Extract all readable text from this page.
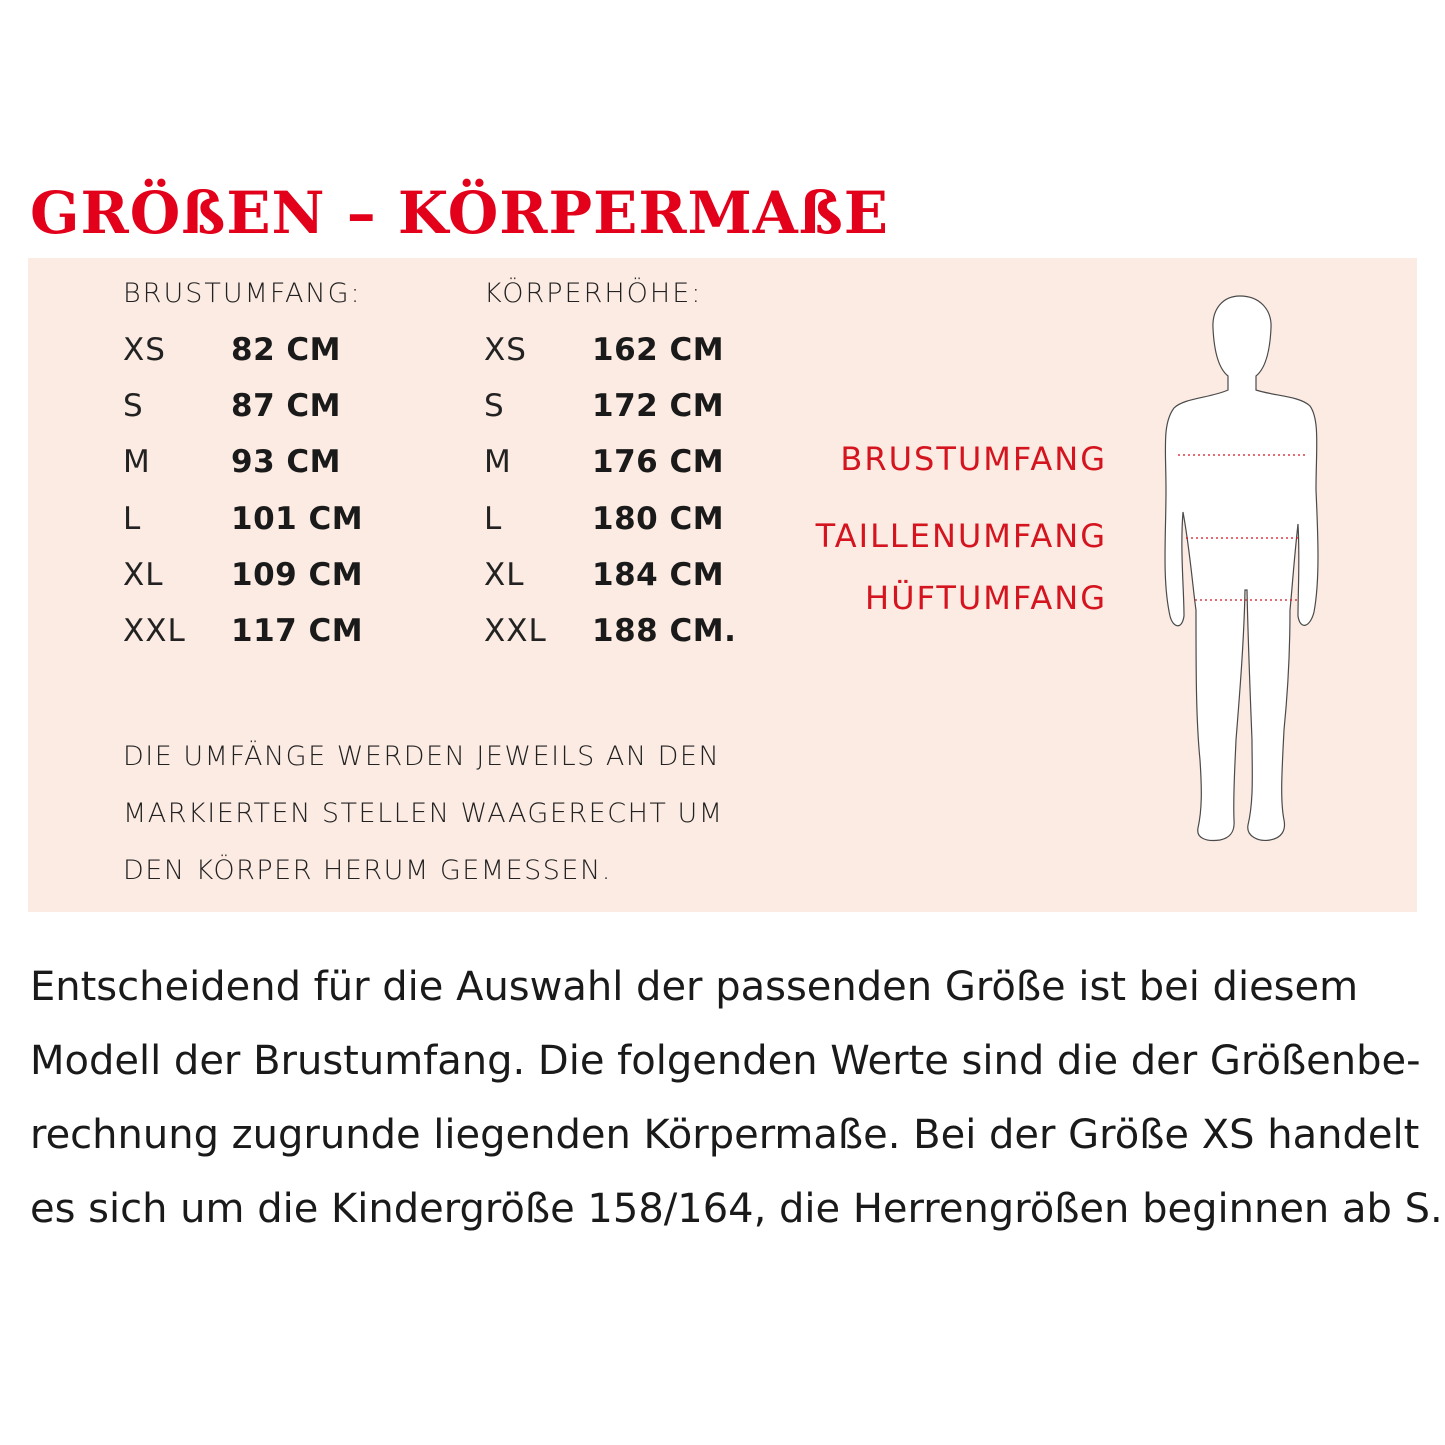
GRÖßEN – KÖRPERMAßE
BRUSTUMFANG:
XS 82 CM
S	87 CM
M	93 CM
L	101 CM
XL 109 CM
XXL 117 CM
KÖRPERHÖHE:
XS 162 CM
S	172 CM
M	176 CM
L	180 CM
XL 184 CM
XXL 188 CM.
DIE UMFÄNGE WERDEN JEWEILS AN DEN
MARKIERTEN STELLEN WAAGERECHT UM
DEN KÖRPER HERUM GEMESSEN.
BRUSTUMFANG
TAILLENUMFANG
HÜFTUMFANG
Entscheidend für die Auswahl der passenden Größe ist bei diesem
Modell der Brustumfang. Die folgenden Werte sind die der Größenbe-
rechnung zugrunde liegenden Körpermaße. Bei der Größe XS handelt
es sich um die Kindergröße 158/164, die Herrengrößen beginnen ab S.
